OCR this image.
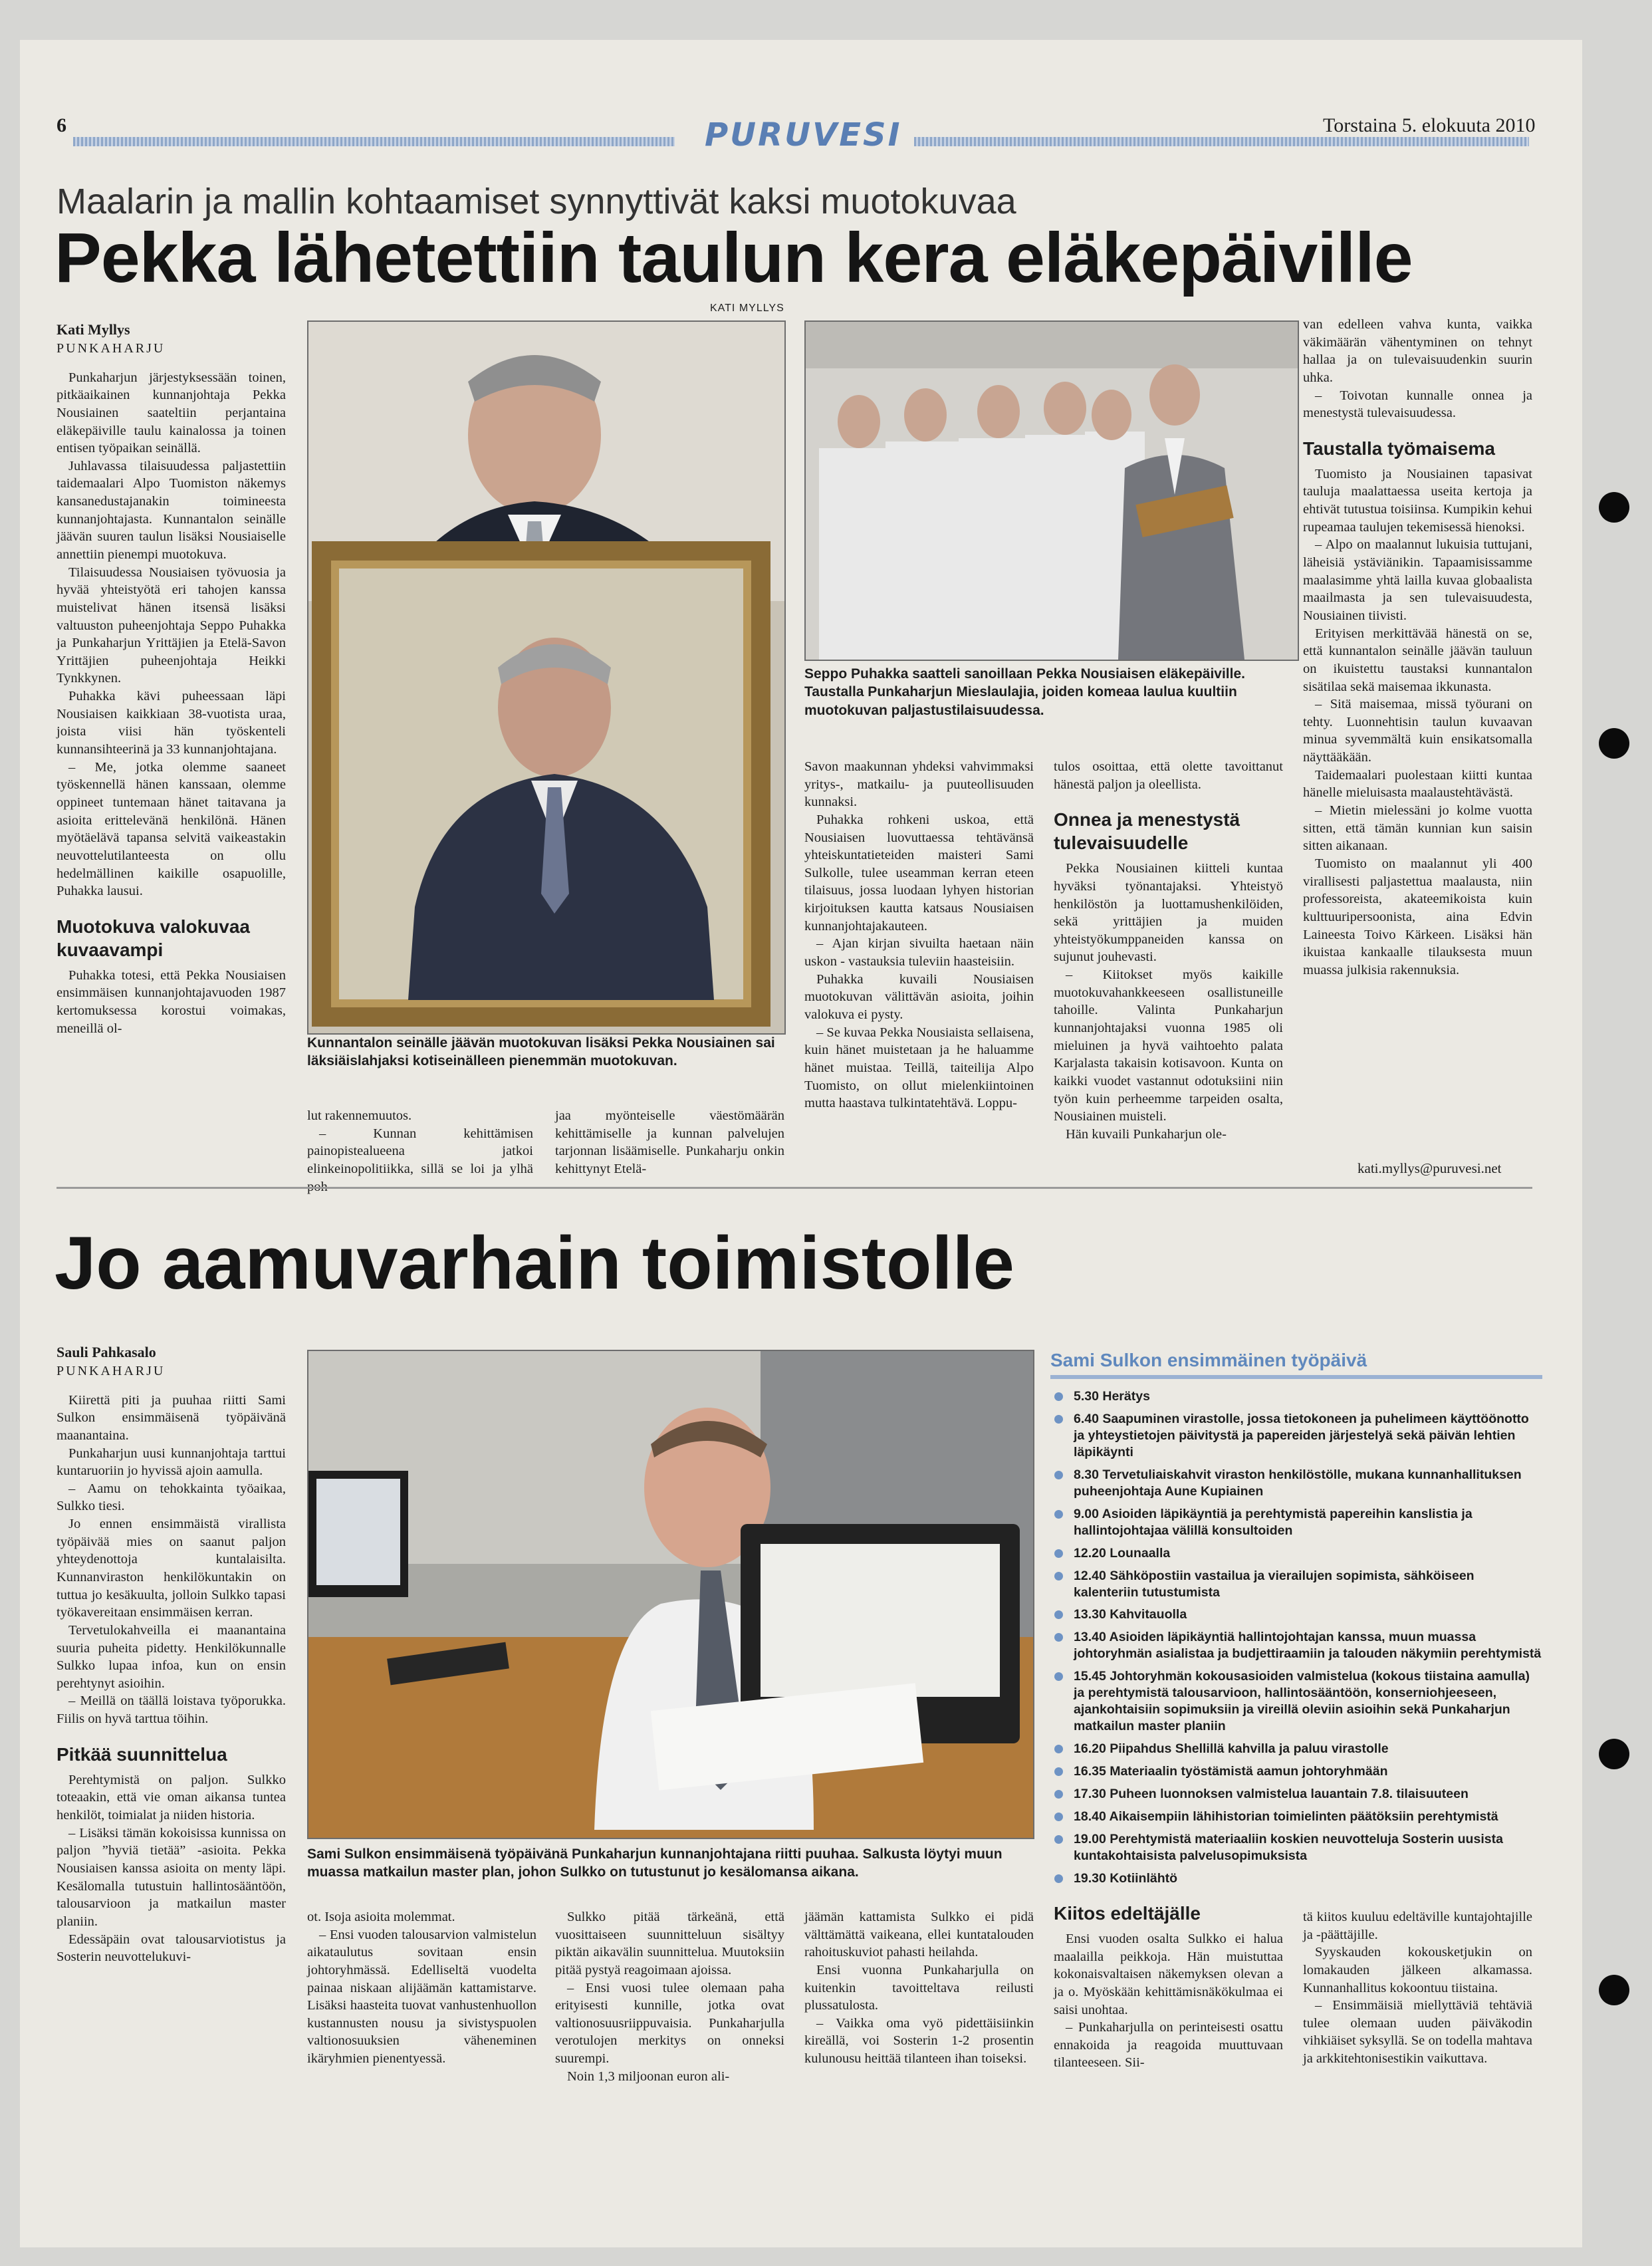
6	PURUVESI	Torstaina 5. elokuuta 2010
Maalarin ja mallin kohtaamiset synnyttivät kaksi muotokuvaa
Pekka lähetettiin taulun kera eläkepäiville
KATI MYLLYS
Kati Myllys
PUNKAHARJU

Punkaharjun järjestyksessään toinen, pitkäaikainen kunnanjohtaja Pekka Nousiainen saateltiin perjantaina eläkepäiville taulu kainalossa ja toinen entisen työpaikan seinällä.

Juhlavassa tilaisuudessa paljastettiin taidemaalari Alpo Tuomiston näkemys kansanedustajanakin toimineesta kunnanjohtajasta. Kunnantalon seinälle jäävän suuren taulun lisäksi Nousiaiselle annettiin pienempi muotokuva.

Tilaisuudessa Nousiaisen työvuosia ja hyvää yhteistyötä eri tahojen kanssa muistelivat hänen itsensä lisäksi valtuuston puheenjohtaja Seppo Puhakka ja Punkaharjun Yrittäjien ja Etelä-Savon Yrittäjien puheenjohtaja Heikki Tynkkynen.

Puhakka kävi puheessaan läpi Nousiaisen kaikkiaan 38-vuotista uraa, joista viisi hän työskenteli kunnansihteerinä ja 33 kunnanjohtajana.

– Me, jotka olemme saaneet työskennellä hänen kanssaan, olemme oppineet tuntemaan hänet taitavana ja asioita erittelevänä henkilönä. Hänen myötäelävä tapansa selvitä vaikeastakin neuvottelutilanteesta on ollu hedelmällinen kaikille osapuolille, Puhakka lausui.

Muotokuva valokuvaa kuvaavampi

Puhakka totesi, että Pekka Nousiaisen ensimmäisen kunnanjohtajavuoden 1987 kertomuksessa korostui voimakas, meneillä ol-

Kunnantalon seinälle jäävän muotokuvan lisäksi Pekka Nousiainen sai läksiäislahjaksi kotiseinälleen pienemmän muotokuvan.

lut rakennemuutos.

– Kunnan kehittämisen painopistealueena jatkoi elinkeinopolitiikka, sillä se loi ja ylhä

jaa myönteiselle väestömäärän kehittämiselle ja kunnan palvelujen tarjonnan lisäämiselle. Punkaharju onkin kehittynyt Etelä-

Seppo Puhakka saatteli sanoillaan Pekka Nousiaisen eläkepäiville. Taustalla Punkaharjun Mieslaulajia, joiden komeaa laulua kuultiin muotokuvan paljastustilaisuudessa.

Savon maakunnan yhdeksi vahvimmaksi yritys-, matkailu- ja puuteollisuuden kunnaksi.

Puhakka rohkeni uskoa, että Nousiaisen luovuttaessa tehtävänsä yhteiskuntatieteiden maisteri Sami Sulkolle, tulee useamman kerran eteen tilaisuus, jossa luodaan lyhyen historian kirjoituksen kautta katsaus Nousiaisen kunnanjohtajakauteen.

– Ajan kirjan sivuilta haetaan näin uskon - vastauksia tuleviin haasteisiin.

Puhakka kuvaili Nousiaisen muotokuvan välittävän asioita, joihin valokuva ei pysty.

– Se kuvaa Pekka Nousiaista sellaisena, kuin hänet muistetaan ja he haluamme hänet muistaa. Teillä, taiteilija Alpo Tuomisto, on ollut mielenkiintoinen mutta haastava tulkintatehtävä. Loppu-

tulos osoittaa, että olette tavoittanut hänestä paljon ja oleellista.

Onnea ja menestystä tulevaisuudelle

Pekka Nousiainen kiitteli kuntaa hyväksi työnantajaksi. Yhteistyö henkilöstön ja luottamushenkilöiden, sekä yrittäjien ja muiden yhteistyökumppaneiden kanssa on sujunut jouhevasti.

– Kiitokset myös kaikille muotokuvahankkeeseen osallistuneille tahoille. Valinta Punkaharjun kunnanjohtajaksi vuonna 1985 oli mieluinen ja hyvä vaihtoehto palata Karjalasta takaisin kotisavoon. Kunta on kaikki vuodet vastannut odotuksiini niin työn kuin perheemme tarpeiden osalta, Nousiainen muisteli.

Hän kuvaili Punkaharjun ole-

van edelleen vahva kunta, vaikka väkimäärän vähentyminen on tehnyt hallaa ja on tulevaisuudenkin suurin uhka.

– Toivotan kunnalle onnea ja menestystä tulevaisuudessa.

Taustalla työmaisema

Tuomisto ja Nousiainen tapasivat tauluja maalattaessa useita kertoja ja ehtivät tutustua toisiinsa. Kumpikin kehui rupeamaa taulujen tekemisessä hienoksi.

– Alpo on maalannut lukuisia tuttujani, läheisiä ystäviänikin. Tapaamisissamme maalasimme yhtä lailla kuvaa globaalista maailmasta ja sen tulevaisuudesta, Nousiainen tiivisti.

Erityisen merkittävää hänestä on se, että kunnantalon seinälle jäävän tauluun on ikuistettu taustaksi kunnantalon sisätilaa sekä maisemaa ikkunasta.

– Sitä maisemaa, missä työurani on tehty. Luonnehtisin taulun kuvaavan minua syvemmältä kuin ensikatsomalla näyttääkään.

Taidemaalari puolestaan kiitti kuntaa hänelle mieluisasta maalaustehtävästä.

– Mietin mielessäni jo kolme vuotta sitten, että tämän kunnian kun saisin sitten aikanaan.

Tuomisto on maalannut yli 400 virallisesti paljastettua maalausta, niin professoreista, akateemikoista kuin kulttuuripersoonista, aina Edvin Laineesta Toivo Kärkeen. Lisäksi hän ikuistaa kankaalle tilauksesta muun muassa julkisia rakennuksia.

kati.myllys@puruvesi.net

Jo aamuvarhain toimistolle
Sauli Pahkasalo
PUNKAHARJU

Kiirettä piti ja puuhaa riitti Sami Sulkon ensimmäisenä työpäivänä maanantaina.

Punkaharjun uusi kunnanjohtaja tarttui kuntaruoriin jo hyvissä ajoin aamulla.

– Aamu on tehokkainta työaikaa, Sulkko tiesi.

Jo ennen ensimmäistä virallista työpäivää mies on saanut paljon yhteydenottoja kuntalaisilta. Kunnanviraston henkilökuntakin on tuttua jo kesäkuulta, jolloin Sulkko tapasi työkavereitaan ensimmäisen kerran.

Tervetulokahveilla ei maanantaina suuria puheita pidetty. Henkilökunnalle Sulkko lupaa infoa, kun on ensin perehtynyt asioihin.

– Meillä on täällä loistava työporukka. Fiilis on hyvä tarttua töihin.

Pitkää suunnittelua

Perehtymistä on paljon. Sulkko toteaakin, että vie oman aikansa tuntea henkilöt, toimialat ja niiden historia.

– Lisäksi tämän kokoisissa kunnissa on paljon ”hyviä tietää” -asioita. Pekka Nousiaisen kanssa asioita on menty läpi. Kesälomalla tutustuin hallintosääntöön, talousarvioon ja matkailun master planiin.

Edessäpäin ovat talousarviotistus ja Sosterin neuvottelukuvi-

Sami Sulkon ensimmäisenä työpäivänä Punkaharjun kunnanjohtajana riitti puuhaa. Salkusta löytyi muun muassa matkailun master plan, johon Sulkko on tutustunut jo kesälomansa aikana.
Sami Sulkon ensimmäinen työpäivä
5.30 Herätys
6.40 Saapuminen virastolle, jossa tietokoneen ja puhelimeen käyttöönotto ja yhteystietojen päivitystä ja papereiden järjestelyä sekä päivän lehtien läpikäynti
8.30 Tervetuliaiskahvit viraston henkilöstölle, mukana kunnanhallituksen puheenjohtaja Aune Kupiainen
9.00 Asioiden läpikäyntiä ja perehtymistä papereihin kanslistia ja hallintojohtajaa välillä konsultoiden
12.20 Lounaalla
12.40 Sähköpostiin vastailua ja vierailujen sopimista, sähköiseen kalenteriin tutustumista
13.30 Kahvitauolla
13.40 Asioiden läpikäyntiä hallintojohtajan kanssa, muun muassa johtoryhmän asialistaa ja budjettiraamiin ja talouden näkymiin perehtymistä
15.45 Johtoryhmän kokousasioiden valmistelua (kokous tiistaina aamulla) ja perehtymistä talousarvioon, hallintosääntöön, konserniohjeeseen, ajankohtaisiin sopimuksiin ja vireillä oleviin asioihin sekä Punkaharjun matkailun master planiin
16.20 Piipahdus Shellillä kahvilla ja paluu virastolle
16.35 Materiaalin työstämistä aamun johtoryhmään
17.30 Puheen luonnoksen valmistelua lauantain 7.8. tilaisuuteen
18.40 Aikaisempiin lähihistorian toimielinten päätöksiin perehtymistä
19.00 Perehtymistä materiaaliin koskien neuvotteluja Sosterin uusista kuntakohtaisista palvelusopimuksista
19.30 Kotiinlähtö

ot. Isoja asioita molemmat.

– Ensi vuoden talousarvion valmistelun aikataulutus sovitaan ensin johtoryhmässä. Edelliseltä vuodelta painaa niskaan alijäämän kattamistarve. Lisäksi haasteita tuovat vanhustenhuollon kustannusten nousu ja sivistyspuolen valtionosuuksien väheneminen ikäryhmien pienentyessä.

Sulkko pitää tärkeänä, että vuosittaiseen suunnitteluun sisältyy piktän aikavälin suunnittelua. Muutoksiin pitää pystyä reagoimaan ajoissa.

– Ensi vuosi tulee olemaan paha erityisesti kunnille, jotka ovat valtionosuusriippuvaisia. Punkaharjulla verotulojen merkitys on onneksi suurempi.

Noin 1,3 miljoonan euron ali-

jäämän kattamista Sulkko ei pidä välttämättä vaikeana, ellei kuntatalouden rahoituskuviot pahasti heilahda.

Ensi vuonna Punkaharjulla on kuitenkin tavoitteltava reilusti plussatulosta.

– Vaikka oma vyö pidettäisiinkin kireällä, voi Sosterin 1-2 prosentin kulunousu heittää tilanteen ihan toiseksi.

Kiitos edeltäjälle

Ensi vuoden osalta Sulkko ei halua maalailla peikkoja. Hän muistuttaa kokonaisvaltaisen näkemyksen olevan a ja o. Myöskään kehittämisnäkökulmaa ei saisi unohtaa.

– Punkaharjulla on perinteisesti osattu ennakoida ja reagoida muuttuvaan tilanteeseen. Sii-

tä kiitos kuuluu edeltäville kuntajohtajille ja -päättäjille.

Syyskauden kokousketjukin on lomakauden jälkeen alkamassa. Kunnanhallitus kokoontuu tiistaina.

– Ensimmäisiä miellyttäviä tehtäviä tulee olemaan uuden päiväkodin vihkiäiset syksyllä. Se on todella mahtava ja arkkitehtonisestikin vaikuttava.
